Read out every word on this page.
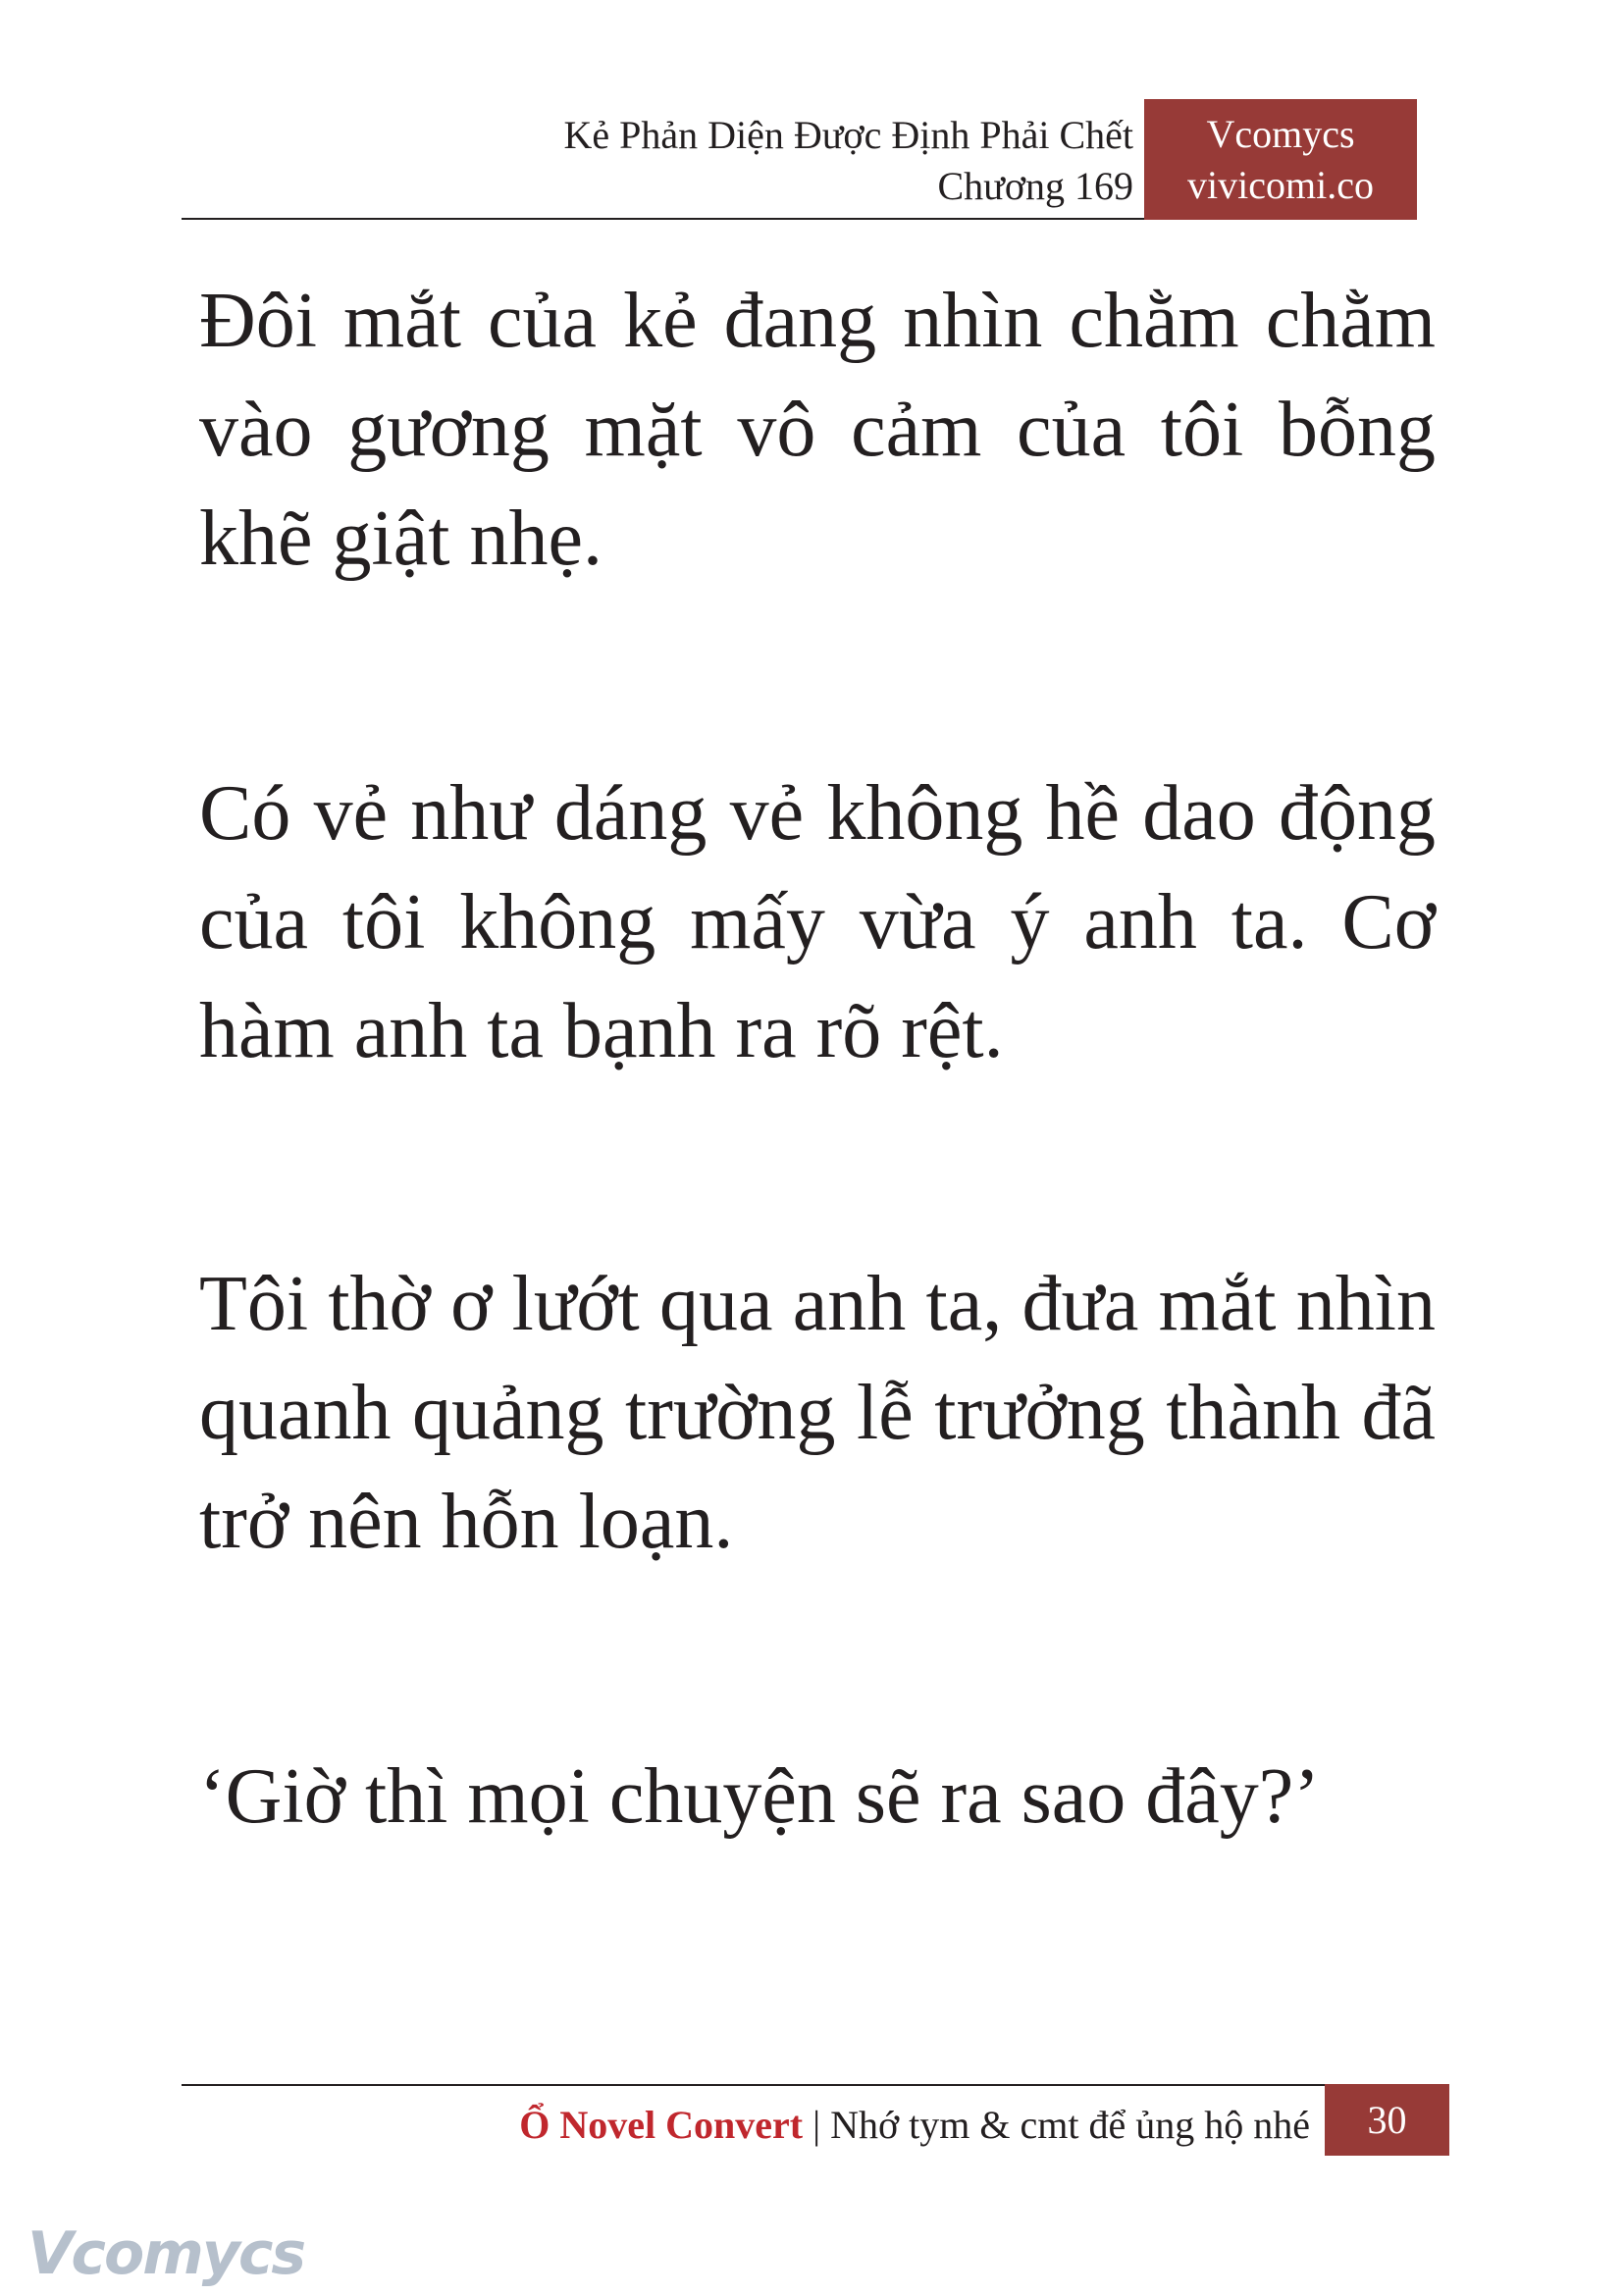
Kẻ Phản Diện Được Định Phải Chết
Chương 169
Vcomycs
vivicomi.co
Đôi mắt của kẻ đang nhìn chằm chằm vào gương mặt vô cảm của tôi bỗng khẽ giật nhẹ.
Có vẻ như dáng vẻ không hề dao động của tôi không mấy vừa ý anh ta. Cơ hàm anh ta bạnh ra rõ rệt.
Tôi thờ ơ lướt qua anh ta, đưa mắt nhìn quanh quảng trường lễ trưởng thành đã trở nên hỗn loạn.
‘Giờ thì mọi chuyện sẽ ra sao đây?’
Ổ Novel Convert | Nhớ tym & cmt để ủng hộ nhé	30
Vcomycs
